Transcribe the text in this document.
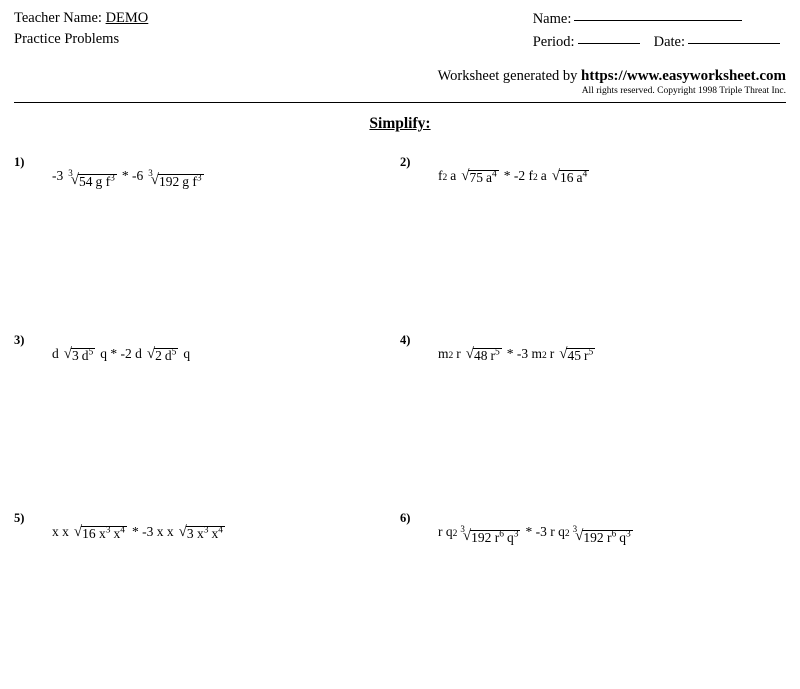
Teacher Name: DEMO
Practice Problems
Name:
Period:	Date:
Worksheet generated by https://www.easyworksheet.com
All rights reserved. Copyright 1998 Triple Threat Inc.
Simplify:
1)
-3 3
√ 54 g $f^3 * -6$ 3
√ 192 g $f^3$
2)
f 2 a √ 75 $a^4 * -2$ f 2 a √ 16 $a^4$
3)
d √ 3 $d^5$ q * -2 d √ 2 $d^5$ q
4)
m 2 r √ 48 $r^5 * -3$ m 2 r √ 45 $r^5$
5)
x x √ 16 $x^3$ $x^4 * -3$ x x √ 3 $x^3$ $x^4$
6)
r q 2 3
√ 192 $r^6$ $q^3 * -3$ r q 2 3
√ 192 $r^6$ $q^3$
